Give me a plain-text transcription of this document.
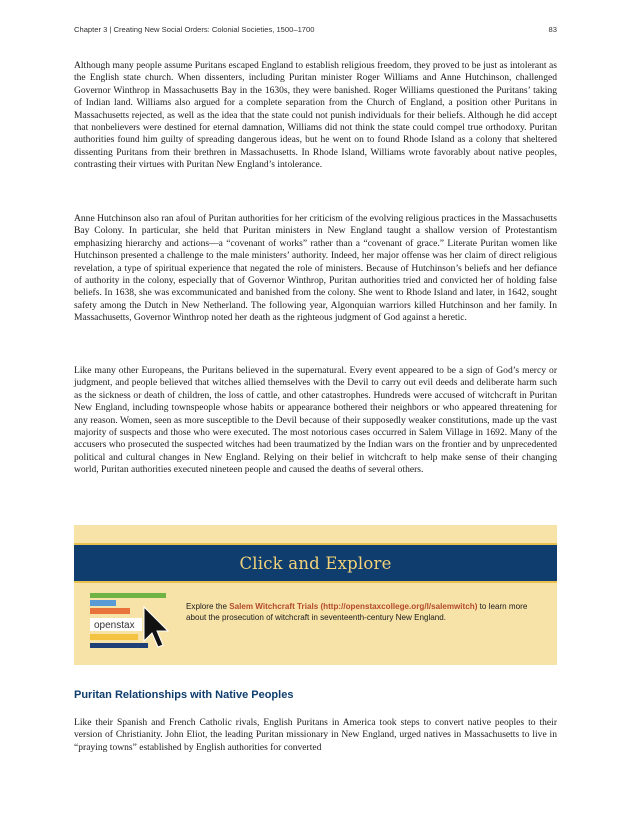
Chapter 3 | Creating New Social Orders: Colonial Societies, 1500–1700	83

Although many people assume Puritans escaped England to establish religious freedom, they proved to be just as intolerant as the English state church. When dissenters, including Puritan minister Roger Williams and Anne Hutchinson, challenged Governor Winthrop in Massachusetts Bay in the 1630s, they were banished. Roger Williams questioned the Puritans’ taking of Indian land. Williams also argued for a complete separation from the Church of England, a position other Puritans in Massachusetts rejected, as well as the idea that the state could not punish individuals for their beliefs. Although he did accept that nonbelievers were destined for eternal damnation, Williams did not think the state could compel true orthodoxy. Puritan authorities found him guilty of spreading dangerous ideas, but he went on to found Rhode Island as a colony that sheltered dissenting Puritans from their brethren in Massachusetts. In Rhode Island, Williams wrote favorably about native peoples, contrasting their virtues with Puritan New England’s intolerance.

Anne Hutchinson also ran afoul of Puritan authorities for her criticism of the evolving religious practices in the Massachusetts Bay Colony. In particular, she held that Puritan ministers in New England taught a shallow version of Protestantism emphasizing hierarchy and actions—a “covenant of works” rather than a “covenant of grace.” Literate Puritan women like Hutchinson presented a challenge to the male ministers’ authority. Indeed, her major offense was her claim of direct religious revelation, a type of spiritual experience that negated the role of ministers. Because of Hutchinson’s beliefs and her defiance of authority in the colony, especially that of Governor Winthrop, Puritan authorities tried and convicted her of holding false beliefs. In 1638, she was excommunicated and banished from the colony. She went to Rhode Island and later, in 1642, sought safety among the Dutch in New Netherland. The following year, Algonquian warriors killed Hutchinson and her family. In Massachusetts, Governor Winthrop noted her death as the righteous judgment of God against a heretic.

Like many other Europeans, the Puritans believed in the supernatural. Every event appeared to be a sign of God’s mercy or judgment, and people believed that witches allied themselves with the Devil to carry out evil deeds and deliberate harm such as the sickness or death of children, the loss of cattle, and other catastrophes. Hundreds were accused of witchcraft in Puritan New England, including townspeople whose habits or appearance bothered their neighbors or who appeared threatening for any reason. Women, seen as more susceptible to the Devil because of their supposedly weaker constitutions, made up the vast majority of suspects and those who were executed. The most notorious cases occurred in Salem Village in 1692. Many of the accusers who prosecuted the suspected witches had been traumatized by the Indian wars on the frontier and by unprecedented political and cultural changes in New England. Relying on their belief in witchcraft to help make sense of their changing world, Puritan authorities executed nineteen people and caused the deaths of several others.

Click and Explore
openstax
Explore the Salem Witchcraft Trials (http://openstaxcollege.org/l/salemwitch) to learn more about the prosecution of witchcraft in seventeenth-century New England.
Puritan Relationships with Native Peoples

Like their Spanish and French Catholic rivals, English Puritans in America took steps to convert native peoples to their version of Christianity. John Eliot, the leading Puritan missionary in New England, urged natives in Massachusetts to live in “praying towns” established by English authorities for converted
